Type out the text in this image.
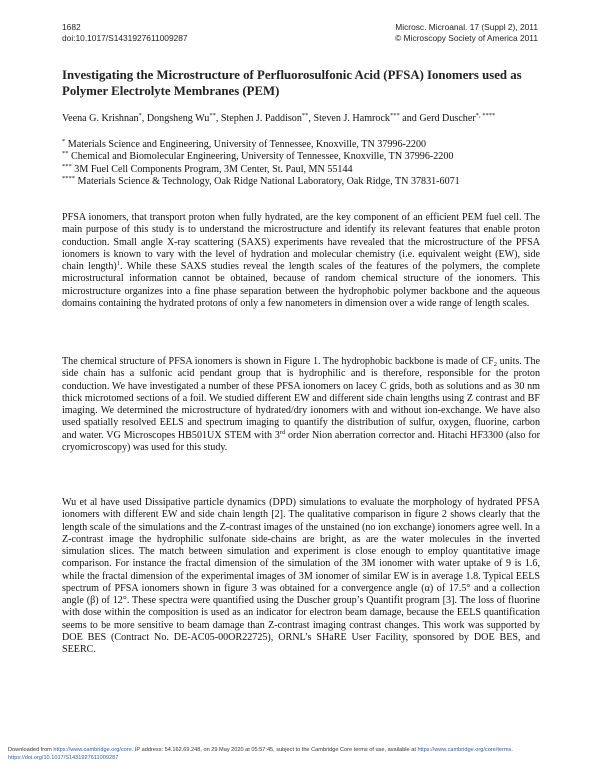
1682
doi:10.1017/S1431927611009287
Microsc. Microanal. 17 (Suppl 2), 2011
© Microscopy Society of America 2011
Investigating the Microstructure of Perfluorosulfonic Acid (PFSA) Ionomers used as Polymer Electrolyte Membranes (PEM)
Veena G. Krishnan*, Dongsheng Wu**, Stephen J. Paddison**, Steven J. Hamrock*** and Gerd Duscher*, ****
* Materials Science and Engineering, University of Tennessee, Knoxville, TN 37996-2200
** Chemical and Biomolecular Engineering, University of Tennessee, Knoxville, TN 37996-2200
*** 3M Fuel Cell Components Program, 3M Center, St. Paul, MN 55144
**** Materials Science & Technology, Oak Ridge National Laboratory, Oak Ridge, TN 37831-6071

PFSA ionomers, that transport proton when fully hydrated, are the key component of an efficient PEM fuel cell. The main purpose of this study is to understand the microstructure and identify its relevant features that enable proton conduction. Small angle X-ray scattering (SAXS) experiments have revealed that the microstructure of the PFSA ionomers is known to vary with the level of hydration and molecular chemistry (i.e. equivalent weight (EW), side chain length)$^1$. While these SAXS studies reveal the length scales of the features of the polymers, the complete microstructural information cannot be obtained, because of random chemical structure of the ionomers. This microstructure organizes into a fine phase separation between the hydrophobic polymer backbone and the aqueous domains containing the hydrated protons of only a few nanometers in dimension over a wide range of length scales.

The chemical structure of PFSA ionomers is shown in Figure 1. The hydrophobic backbone is made of $CF_2$ units. The side chain has a sulfonic acid pendant group that is hydrophilic and is therefore, responsible for the proton conduction. We have investigated a number of these PFSA ionomers on lacey C grids, both as solutions and as 30 nm thick microtomed sections of a foil. We studied different EW and different side chain lengths using Z contrast and BF imaging. We determined the microstructure of hydrated/dry ionomers with and without ion-exchange. We have also used spatially resolved EELS and spectrum imaging to quantify the distribution of sulfur, oxygen, fluorine, carbon and water. VG Microscopes HB501UX STEM with 3rd order Nion aberration corrector and. Hitachi HF3300 (also for cryomicroscopy) was used for this study.

Wu et al have used Dissipative particle dynamics (DPD) simulations to evaluate the morphology of hydrated PFSA ionomers with different EW and side chain length [2]. The qualitative comparison in figure 2 shows clearly that the length scale of the simulations and the Z-contrast images of the unstained (no ion exchange) ionomers agree well. In a Z-contrast image the hydrophilic sulfonate side-chains are bright, as are the water molecules in the inverted simulation slices. The match between simulation and experiment is close enough to employ quantitative image comparison. For instance the fractal dimension of the simulation of the 3M ionomer with water uptake of 9 is 1.6, while the fractal dimension of the experimental images of 3M ionomer of similar EW is in average 1.8. Typical EELS spectrum of PFSA ionomers shown in figure 3 was obtained for a convergence angle (α) of 17.5° and a collection angle (β) of 12°. These spectra were quantified using the Duscher group’s Quantifit program [3]. The loss of fluorine with dose within the composition is used as an indicator for electron beam damage, because the EELS quantification seems to be more sensitive to beam damage than Z-contrast imaging contrast changes. This work was supported by DOE BES (Contract No. DE-AC05-00OR22725), ORNL’s SHaRE User Facility, sponsored by DOE BES, and SEERC.

Downloaded from https://www.cambridge.org/core. IP address: 54.162.69.248, on 29 May 2020 at 05:57:45, subject to the Cambridge Core terms of use, available at https://www.cambridge.org/core/terms.
https://doi.org/10.1017/S1431927611009287
